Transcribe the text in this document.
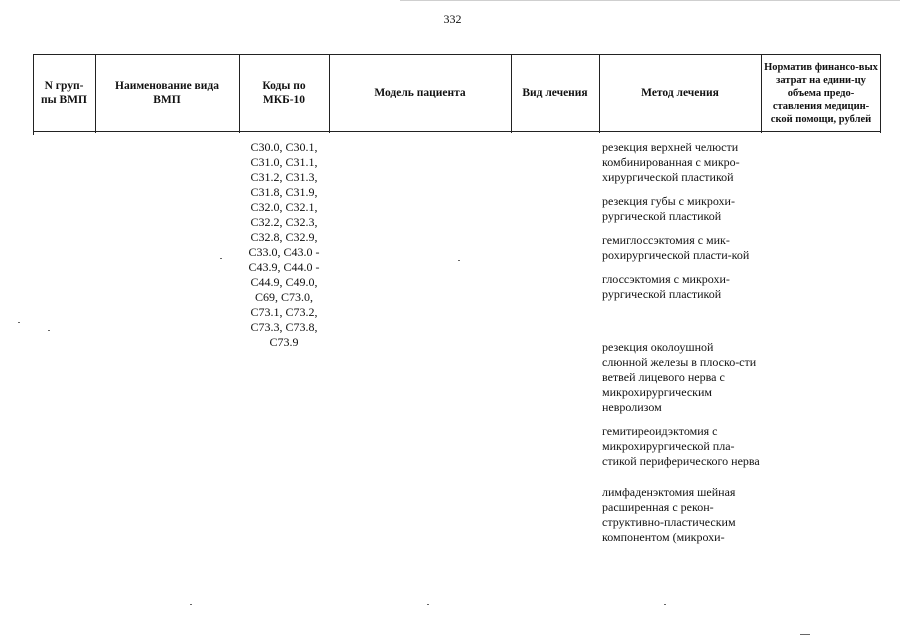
332
N груп-пы ВМП
Наименование вида ВМП
Коды по МКБ-10
Модель пациента	Вид лечения	Метод лечения
Норматив финансо-вых затрат на едини-цу объема предо-ставления медицин-ской помощи, рублей
C30.0, C30.1,
C31.0, C31.1,
C31.2, C31.3,
C31.8, C31.9,
C32.0, C32.1,
C32.2, C32.3,
C32.8, C32.9,
C33.0, C43.0 -
C43.9, C44.0 -
C44.9, C49.0,
C69, C73.0,
C73.1, C73.2,
C73.3, C73.8,
C73.9

резекция верхней челюсти комбинированная с микро-хирургической пластикой

резекция губы с микрохи-рургической пластикой

гемиглоссэктомия с мик-рохирургической пласти-кой

глоссэктомия с микрохи-рургической пластикой

резекция околоушной слюнной железы в плоско-сти ветвей лицевого нерва с микрохирургическим невролизом

гемитиреоидэктомия с микрохирургической пла-стикой периферического нерва

лимфаденэктомия шейная расширенная с рекон-структивно-пластическим компонентом (микрохи-
